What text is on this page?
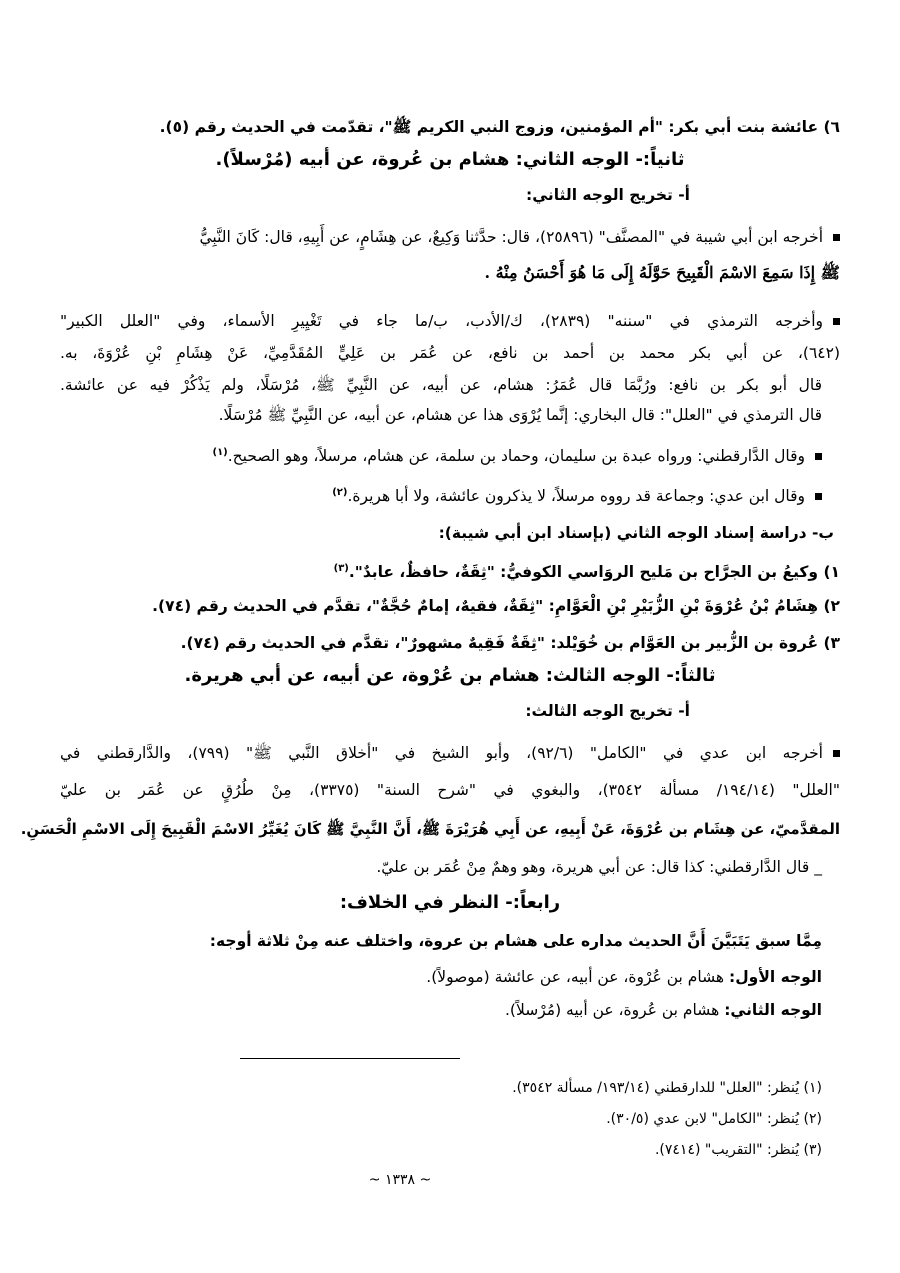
٦) عائشة بنت أبي بكر: "أم المؤمنين، وزوج النبي الكريم ﷺ"، تقدّمت في الحديث رقم (٥).
ثانياً:- الوجه الثاني: هشام بن عُروة، عن أبيه (مُرْسلاً).
أ- تخريج الوجه الثاني:
أخرجه ابن أبي شيبة في "المصنَّف" (٢٥٨٩٦)، قال: حدَّثنا وَكِيعٌ، عن هِشَامٍ، عن أَبِيهِ، قال: كَانَ النَّبِيُّ
ﷺ إِذَا سَمِعَ الاسْمَ الْقَبِيحَ حَوَّلَهُ إِلَى مَا هُوَ أَحْسَنُ مِنْهُ .
وأخرجه الترمذي في "سننه" (٢٨٣٩)، ك/الأدب، ب/ما جاء في تَغْيِيرِ الأسماء، وفي "العلل الكبير"
(٦٤٢)، عن أبي بكر محمد بن أحمد بن نافع، عن عُمَر بن عَلِيٍّ المُقَدَّمِيِّ، عَنْ هِشَامِ بْنِ عُرْوَةَ، به.
قال أبو بكر بن نافع: ورُبَّمَا قال عُمَرُ: هشام، عن أبيه، عن النَّبِيِّ ﷺ، مُرْسَلًا، ولم يَذْكُرْ فيه عن عائشة.
قال الترمذي في "العلل": قال البخاري: إنَّما يُرْوَى هذا عن هشام، عن أبيه، عن النَّبِيِّ ﷺ مُرْسَلًا.
وقال الدَّارقطني: ورواه عبدة بن سليمان، وحماد بن سلمة، عن هشام، مرسلاً، وهو الصحيح.$^{(١)}$
وقال ابن عدي: وجماعة قد رووه مرسلاً، لا يذكرون عائشة، ولا أبا هريرة.$^{(٢)}$
ب- دراسة إسناد الوجه الثاني (بإسناد ابن أبي شيبة):
١) وكيعُ بن الجرَّاح بن مَليح الروَاسي الكوفيُّ: "ثِقَةٌ، حافظٌ، عابدٌ".$^{(٣)}$
٢) هِشَامُ بْنُ عُرْوَةَ بْنِ الزُّبَيْرِ بْنِ الْعَوَّامِ: "ثِقَةٌ، فقيهٌ، إمامٌ حُجَّةٌ"، تقدَّم في الحديث رقم (٧٤).
٣) عُروة بن الزُّبير بن العَوَّام بن خُوَيْلد: "ثِقَةٌ فَقِيهٌ مشهورٌ"، تقدَّم في الحديث رقم (٧٤).
ثالثاً:- الوجه الثالث: هشام بن عُرْوة، عن أبيه، عن أبي هريرة.
أ- تخريج الوجه الثالث:
أخرجه ابن عدي في "الكامل" (٩٢/٦)، وأبو الشيخ في "أخلاق النَّبي ﷺ" (٧٩٩)، والدَّارقطني في
"العلل" (١٩٤/١٤/ مسألة ٣٥٤٢)، والبغوي في "شرح السنة" (٣٣٧٥)، مِنْ طُرُقٍ عن عُمَر بن عليّ
المقدَّميّ، عن هِشَام بن عُرْوَةَ، عَنْ أَبِيهِ، عن أَبِي هُرَيْرَةَ ﷺ، أَنَّ النَّبِيَّ ﷺ كَانَ يُغَيِّرُ الاسْمَ الْقَبِيحَ إِلَى الاسْمِ الْحَسَنِ.
_ قال الدَّارقطني: كذا قال: عن أبي هريرة، وهو وهمٌ مِنْ عُمَر بن عليّ.
رابعاً:- النظر في الخلاف:
مِمَّا سبق يَتَبَيَّنَ أَنَّ الحديث مداره على هشام بن عروة، واختلف عنه مِنْ ثلاثة أوجه:
الوجه الأول: هشام بن عُرْوة، عن أبيه، عن عائشة (موصولاً).
الوجه الثاني: هشام بن عُروة، عن أبيه (مُرْسلاً).
(١) يُنظر: "العلل" للدارقطني (١٩٣/١٤/ مسألة ٣٥٤٢).
(٢) يُنظر: "الكامل" لابن عدي (٣٠/٥).
(٣) يُنظر: "التقريب" (٧٤١٤).
~ ١٣٣٨ ~
